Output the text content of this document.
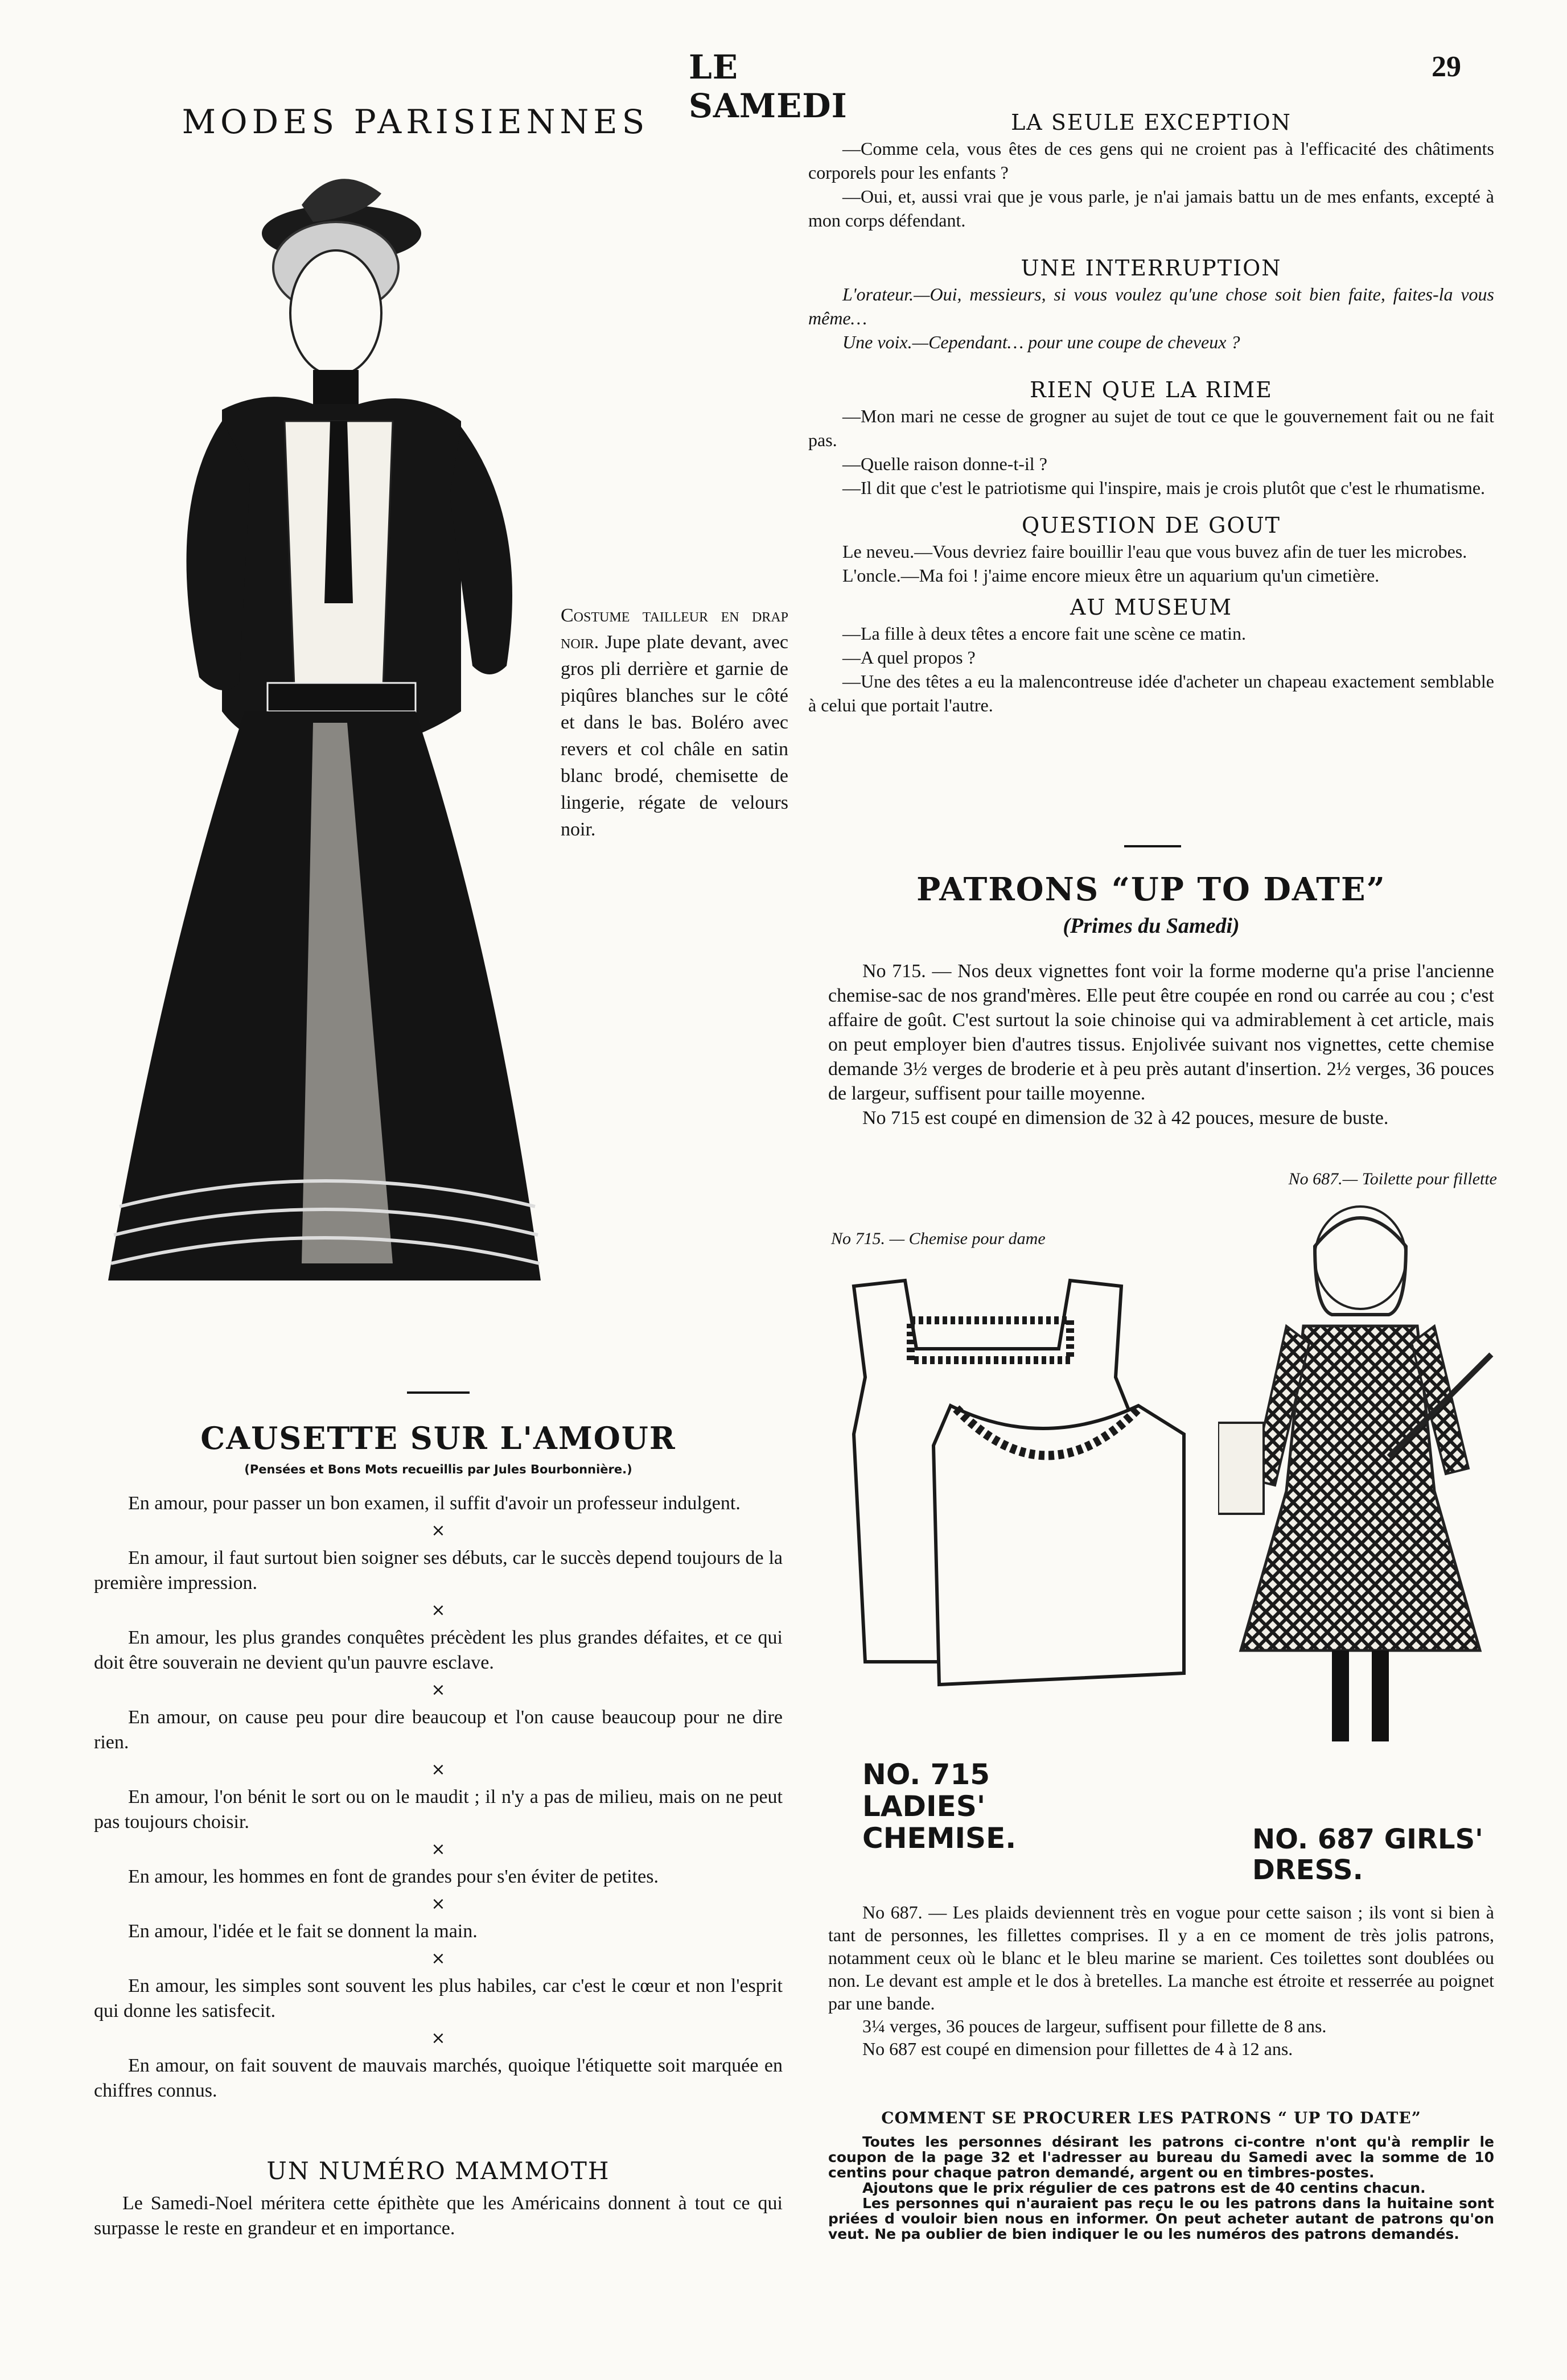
LE SAMEDI
29
MODES PARISIENNES
Costume tailleur en drap noir. Jupe plate devant, avec gros pli derrière et garnie de piqûres blanches sur le côté et dans le bas. Boléro avec revers et col châle en satin blanc brodé, chemisette de lingerie, régate de velours noir.
LA SEULE EXCEPTION

—Comme cela, vous êtes de ces gens qui ne croient pas à l'efficacité des châtiments corporels pour les enfants ?

—Oui, et, aussi vrai que je vous parle, je n'ai jamais battu un de mes enfants, excepté à mon corps défendant.

UNE INTERRUPTION

L'orateur.—Oui, messieurs, si vous voulez qu'une chose soit bien faite, faites-la vous même…

Une voix.—Cependant… pour une coupe de cheveux ?

RIEN QUE LA RIME

—Mon mari ne cesse de grogner au sujet de tout ce que le gouvernement fait ou ne fait pas.

—Quelle raison donne-t-il ?

—Il dit que c'est le patriotisme qui l'inspire, mais je crois plutôt que c'est le rhumatisme.

QUESTION DE GOUT

Le neveu.—Vous devriez faire bouillir l'eau que vous buvez afin de tuer les microbes.

L'oncle.—Ma foi ! j'aime encore mieux être un aquarium qu'un cimetière.

AU MUSEUM

—La fille à deux têtes a encore fait une scène ce matin.

—A quel propos ?

—Une des têtes a eu la malencontreuse idée d'acheter un chapeau exactement semblable à celui que portait l'autre.

PATRONS “UP TO DATE”
(Primes du Samedi)

No 715. — Nos deux vignettes font voir la forme moderne qu'a prise l'ancienne chemise-sac de nos grand'mères. Elle peut être coupée en rond ou carrée au cou ; c'est affaire de goût. C'est surtout la soie chinoise qui va admirablement à cet article, mais on peut employer bien d'autres tissus. Enjolivée suivant nos vignettes, cette chemise demande 3½ verges de broderie et à peu près autant d'insertion. 2½ verges, 36 pouces de largeur, suffisent pour taille moyenne.

No 715 est coupé en dimension de 32 à 42 pouces, mesure de buste.

No 687.— Toilette pour fillette
No 715. — Chemise pour dame
NO. 715 LADIES' CHEMISE.	NO. 687 GIRLS' DRESS.

No 687. — Les plaids deviennent très en vogue pour cette saison ; ils vont si bien à tant de personnes, les fillettes comprises. Il y a en ce moment de très jolis patrons, notamment ceux où le blanc et le bleu marine se marient. Ces toilettes sont doublées ou non. Le devant est ample et le dos à bretelles. La manche est étroite et resserrée au poignet par une bande.

3¼ verges, 36 pouces de largeur, suffisent pour fillette de 8 ans.

No 687 est coupé en dimension pour fillettes de 4 à 12 ans.

COMMENT SE PROCURER LES PATRONS “ UP TO DATE”

Toutes les personnes désirant les patrons ci-contre n'ont qu'à remplir le coupon de la page 32 et l'adresser au bureau du Samedi avec la somme de 10 centins pour chaque patron demandé, argent ou en timbres-postes.

Ajoutons que le prix régulier de ces patrons est de 40 centins chacun.

Les personnes qui n'auraient pas reçu le ou les patrons dans la huitaine sont priées d vouloir bien nous en informer. On peut acheter autant de patrons qu'on veut. Ne pa oublier de bien indiquer le ou les numéros des patrons demandés.

CAUSETTE SUR L'AMOUR
(Pensées et Bons Mots recueillis par Jules Bourbonnière.)

En amour, pour passer un bon examen, il suffit d'avoir un professeur indulgent.

×

En amour, il faut surtout bien soigner ses débuts, car le succès depend toujours de la première impression.

×

En amour, les plus grandes conquêtes précèdent les plus grandes défaites, et ce qui doit être souverain ne devient qu'un pauvre esclave.

×

En amour, on cause peu pour dire beaucoup et l'on cause beaucoup pour ne dire rien.

×

En amour, l'on bénit le sort ou on le maudit ; il n'y a pas de milieu, mais on ne peut pas toujours choisir.

×

En amour, les hommes en font de grandes pour s'en éviter de petites.

×

En amour, l'idée et le fait se donnent la main.

×

En amour, les simples sont souvent les plus habiles, car c'est le cœur et non l'esprit qui donne les satisfecit.

×

En amour, on fait souvent de mauvais marchés, quoique l'étiquette soit marquée en chiffres connus.

UN NUMÉRO MAMMOTH
Le Samedi-Noel méritera cette épithète que les Américains donnent à tout ce qui surpasse le reste en grandeur et en importance.
